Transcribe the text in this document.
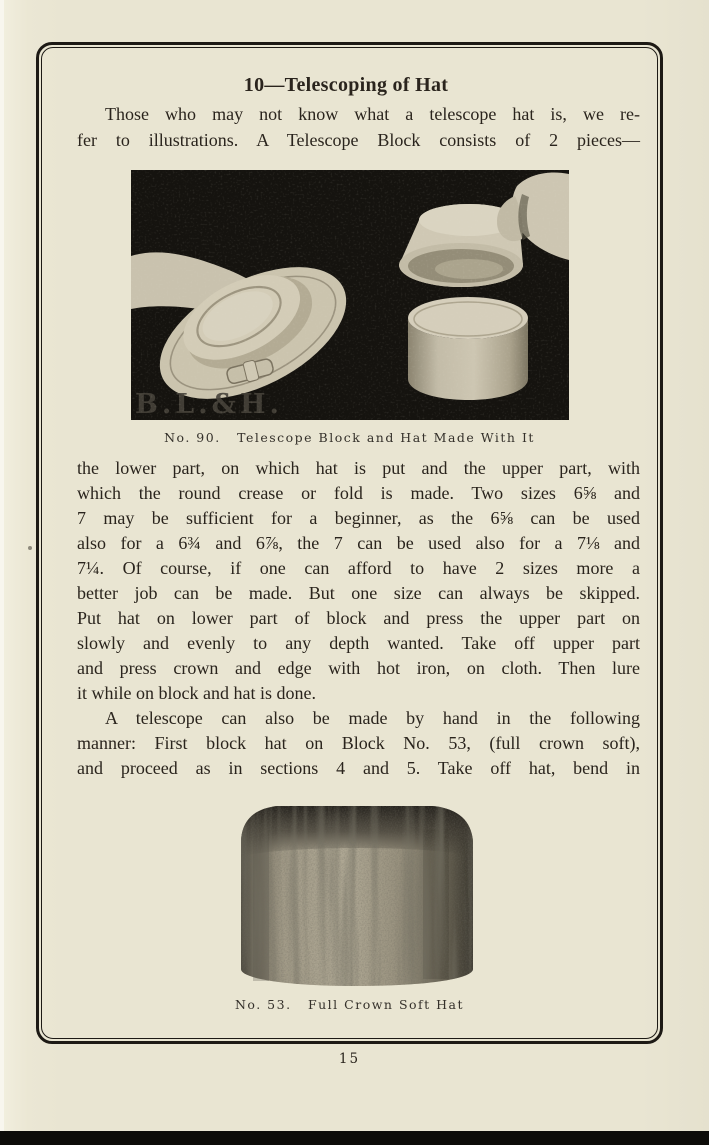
10—Telescoping of Hat
Those who may not know what a telescope hat is, we re-
fer to illustrations. A Telescope Block consists of 2 pieces—
B.L.&H.
No. 90.   Telescope Block and Hat Made With It
the lower part, on which hat is put and the upper part, with
which the round crease or fold is made. Two sizes 6⅝ and
7 may be sufficient for a beginner, as the 6⅝ can be used
also for a 6¾ and 6⅞, the 7 can be used also for a 7⅛ and
7¼. Of course, if one can afford to have 2 sizes more a
better job can be made. But one size can always be skipped.
Put hat on lower part of block and press the upper part on
slowly and evenly to any depth wanted. Take off upper part
and press crown and edge with hot iron, on cloth. Then lure
it while on block and hat is done.
A telescope can also be made by hand in the following
manner: First block hat on Block No. 53, (full crown soft),
and proceed as in sections 4 and 5. Take off hat, bend in
No. 53.   Full Crown Soft Hat
15
